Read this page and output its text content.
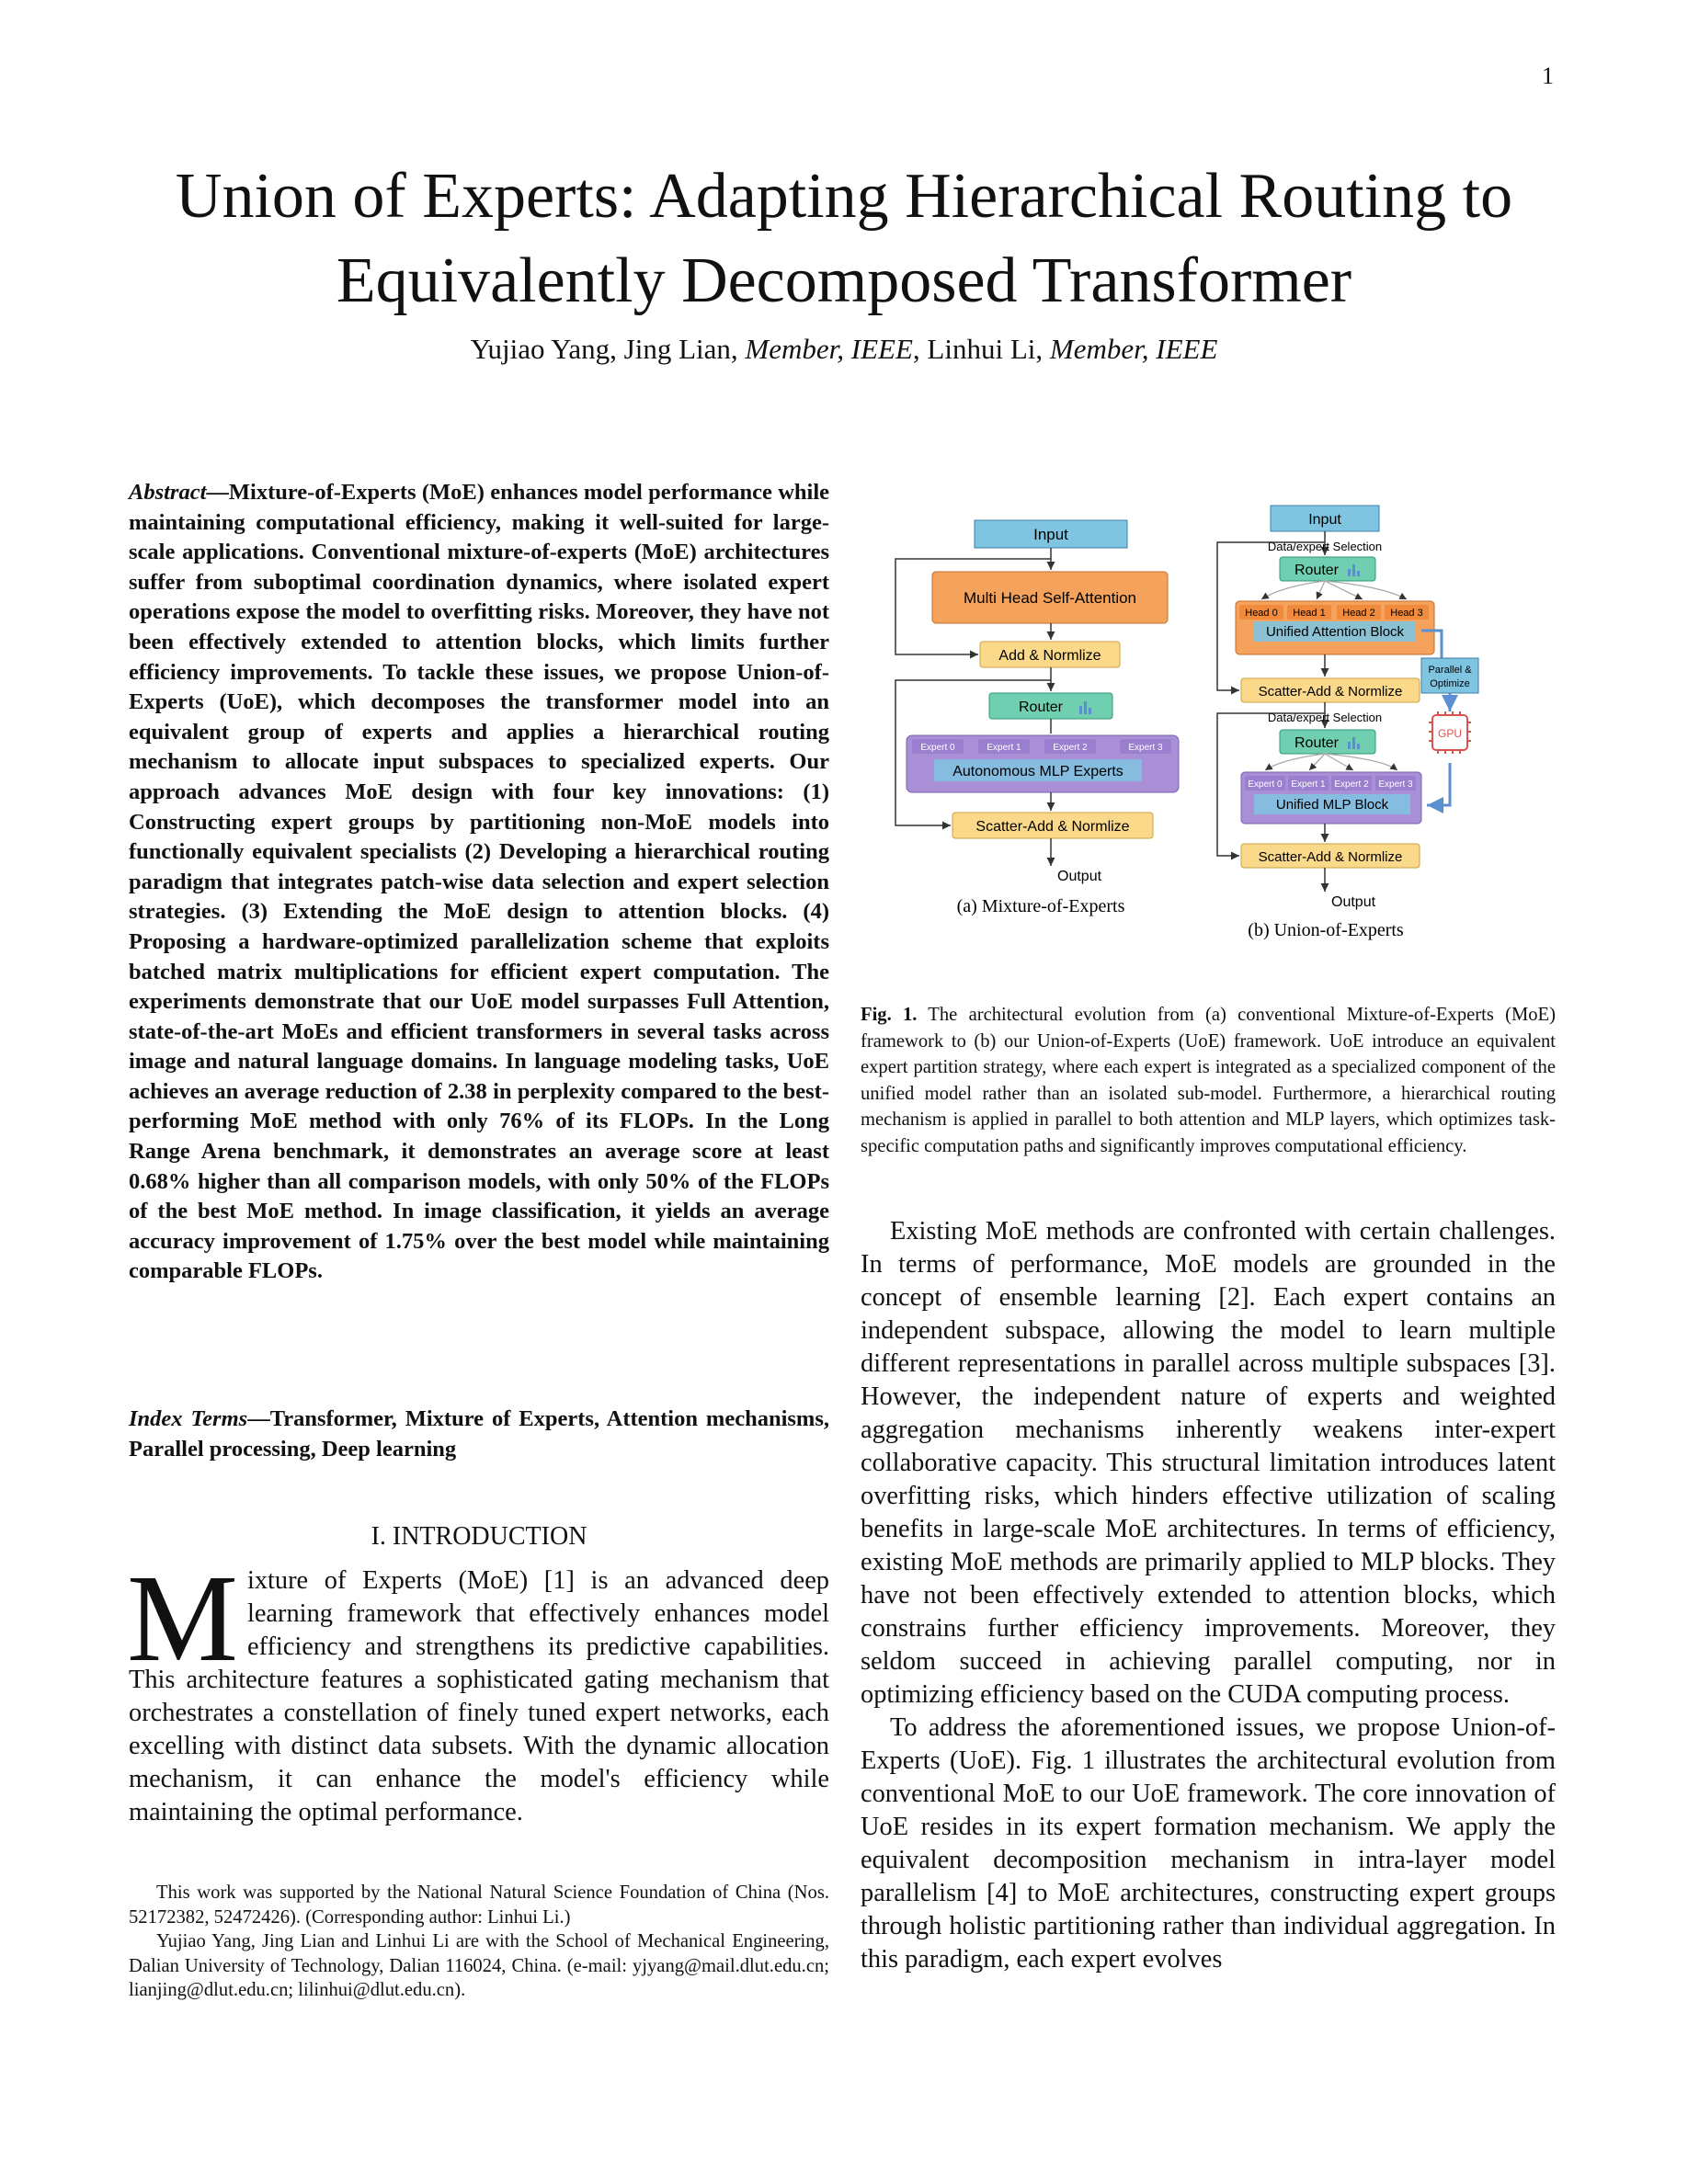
1
Union of Experts: Adapting Hierarchical Routing to Equivalently Decomposed Transformer
Yujiao Yang, Jing Lian, Member, IEEE, Linhui Li, Member, IEEE
Abstract—Mixture-of-Experts (MoE) enhances model performance while maintaining computational efficiency, making it well-suited for large-scale applications. Conventional mixture-of-experts (MoE) architectures suffer from suboptimal coordination dynamics, where isolated expert operations expose the model to overfitting risks. Moreover, they have not been effectively extended to attention blocks, which limits further efficiency improvements. To tackle these issues, we propose Union-of-Experts (UoE), which decomposes the transformer model into an equivalent group of experts and applies a hierarchical routing mechanism to allocate input subspaces to specialized experts. Our approach advances MoE design with four key innovations: (1) Constructing expert groups by partitioning non-MoE models into functionally equivalent specialists (2) Developing a hierarchical routing paradigm that integrates patch-wise data selection and expert selection strategies. (3) Extending the MoE design to attention blocks. (4) Proposing a hardware-optimized parallelization scheme that exploits batched matrix multiplications for efficient expert computation. The experiments demonstrate that our UoE model surpasses Full Attention, state-of-the-art MoEs and efficient transformers in several tasks across image and natural language domains. In language modeling tasks, UoE achieves an average reduction of 2.38 in perplexity compared to the best-performing MoE method with only 76% of its FLOPs. In the Long Range Arena benchmark, it demonstrates an average score at least 0.68% higher than all comparison models, with only 50% of the FLOPs of the best MoE method. In image classification, it yields an average accuracy improvement of 1.75% over the best model while maintaining comparable FLOPs.
Index Terms—Transformer, Mixture of Experts, Attention mechanisms, Parallel processing, Deep learning
I. INTRODUCTION
Mixture of Experts (MoE) [1] is an advanced deep learning framework that effectively enhances model efficiency and strengthens its predictive capabilities. This architecture features a sophisticated gating mechanism that orchestrates a constellation of finely tuned expert networks, each excelling with distinct data subsets. With the dynamic allocation mechanism, it can enhance the model's efficiency while maintaining the optimal performance.

This work was supported by the National Natural Science Foundation of China (Nos. 52172382, 52472426). (Corresponding author: Linhui Li.)

Yujiao Yang, Jing Lian and Linhui Li are with the School of Mechanical Engineering, Dalian University of Technology, Dalian 116024, China. (e-mail: yjyang@mail.dlut.edu.cn; lianjing@dlut.edu.cn; lilinhui@dlut.edu.cn).

Input
Multi Head Self-Attention
Add & Normlize
Router
Expert 0	Expert 1	Expert 2	Expert 3
Autonomous MLP Experts
Scatter-Add & Normlize
Output
(a) Mixture-of-Experts
Input
Data/expert Selection
Router
Head 0 Head 1 Head 2 Head 3
Unified Attention Block
Scatter-Add & Normlize
Data/expert Selection
Router
Expert 0 Expert 1 Expert 2 Expert 3
Unified MLP Block
Scatter-Add & Normlize
Output
(b) Union-of-Experts
Parallel &
Optimize
GPU
Fig. 1. The architectural evolution from (a) conventional Mixture-of-Experts (MoE) framework to (b) our Union-of-Experts (UoE) framework. UoE introduce an equivalent expert partition strategy, where each expert is integrated as a specialized component of the unified model rather than an isolated sub-model. Furthermore, a hierarchical routing mechanism is applied in parallel to both attention and MLP layers, which optimizes task-specific computation paths and significantly improves computational efficiency.

Existing MoE methods are confronted with certain challenges. In terms of performance, MoE models are grounded in the concept of ensemble learning [2]. Each expert contains an independent subspace, allowing the model to learn multiple different representations in parallel across multiple subspaces [3]. However, the independent nature of experts and weighted aggregation mechanisms inherently weakens inter-expert collaborative capacity. This structural limitation introduces latent overfitting risks, which hinders effective utilization of scaling benefits in large-scale MoE architectures. In terms of efficiency, existing MoE methods are primarily applied to MLP blocks. They have not been effectively extended to attention blocks, which constrains further efficiency improvements. Moreover, they seldom succeed in achieving parallel computing, nor in optimizing efficiency based on the CUDA computing process.

To address the aforementioned issues, we propose Union-of-Experts (UoE). Fig. 1 illustrates the architectural evolution from conventional MoE to our UoE framework. The core innovation of UoE resides in its expert formation mechanism. We apply the equivalent decomposition mechanism in intra-layer model parallelism [4] to MoE architectures, constructing expert groups through holistic partitioning rather than individual aggregation. In this paradigm, each expert evolves
